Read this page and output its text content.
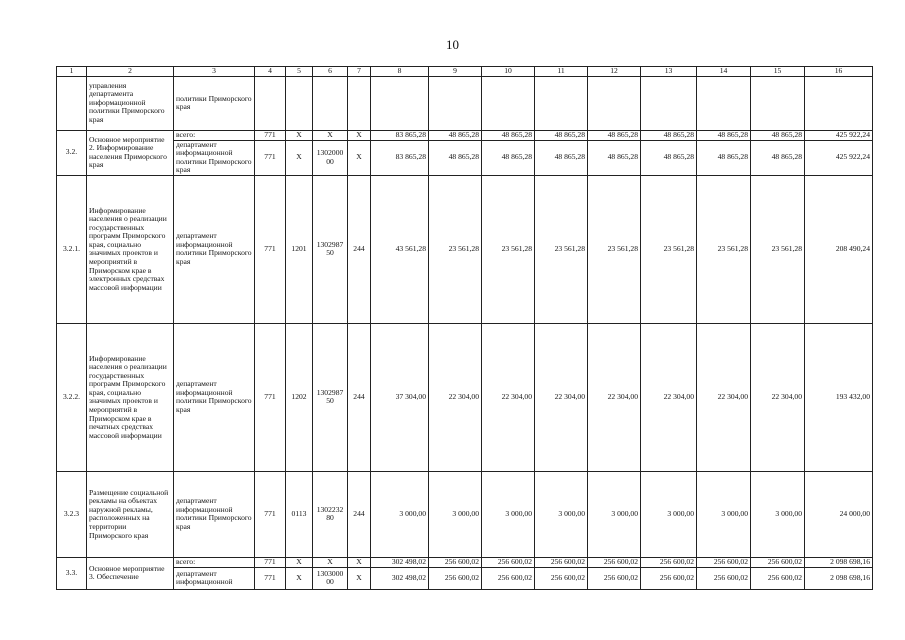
10
1	2	3	4	5	6	7	8	9	10	11	12	13	14	15	16
	управления департамента информационной политики Приморского края	политики Приморского края													
3.2.	Основное мероприятие 2. Информирование населения Приморского края	всего:	771	Х	Х	Х	83 865,28	48 865,28	48 865,28	48 865,28	48 865,28	48 865,28	48 865,28	48 865,28	425 922,24
		департамент информационной политики Приморского края	771	Х	1302000 00	Х	83 865,28	48 865,28	48 865,28	48 865,28	48 865,28	48 865,28	48 865,28	48 865,28	425 922,24
3.2.1.	Информирование населения о реализации государственных программ Приморского края, социально значимых проектов и мероприятий в Приморском крае в электронных средствах массовой информации	департамент информационной политики Приморского края	771	1201	1302987 50	244	43 561,28	23 561,28	23 561,28	23 561,28	23 561,28	23 561,28	23 561,28	23 561,28	208 490,24
3.2.2.	Информирование населения о реализации государственных программ Приморского края, социально значимых проектов и мероприятий в Приморском крае в печатных средствах массовой информации	департамент информационной политики Приморского края	771	1202	1302987 50	244	37 304,00	22 304,00	22 304,00	22 304,00	22 304,00	22 304,00	22 304,00	22 304,00	193 432,00
3.2.3	Размещение социальной рекламы на объектах наружной рекламы, расположенных на территории Приморского края	департамент информационной политики Приморского края	771	0113	1302232 80	244	3 000,00	3 000,00	3 000,00	3 000,00	3 000,00	3 000,00	3 000,00	3 000,00	24 000,00
3.3.	Основное мероприятие 3. Обеспечение	всего:	771	Х	Х	Х	302 498,02	256 600,02	256 600,02	256 600,02	256 600,02	256 600,02	256 600,02	256 600,02	2 098 698,16
		департамент информационной	771	Х	1303000 00	Х	302 498,02	256 600,02	256 600,02	256 600,02	256 600,02	256 600,02	256 600,02	256 600,02	2 098 698,16
